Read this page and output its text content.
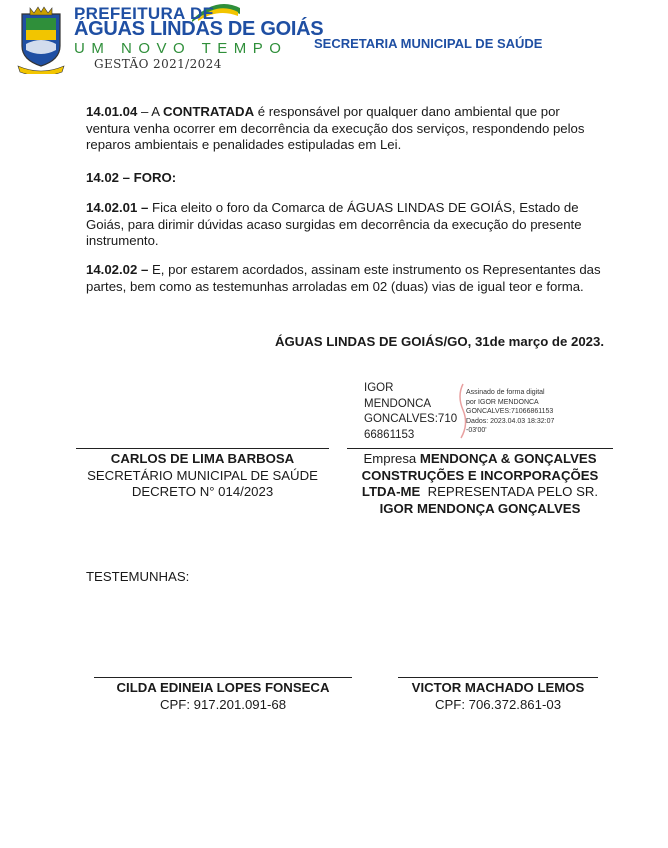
PREFEITURA DE
ÁGUAS LINDAS DE GOIÁS
UM NOVO TEMPO
GESTÃO 2021/2024
SECRETARIA MUNICIPAL DE SAÚDE
14.01.04 – A CONTRATADA é responsável por qualquer dano ambiental que por ventura venha ocorrer em decorrência da execução dos serviços, respondendo pelos reparos ambientais e penalidades estipuladas em Lei.
14.02 – FORO:
14.02.01 – Fica eleito o foro da Comarca de ÁGUAS LINDAS DE GOIÁS, Estado de Goiás, para dirimir dúvidas acaso surgidas em decorrência da execução do presente instrumento.
14.02.02 – E, por estarem acordados, assinam este instrumento os Representantes das partes, bem como as testemunhas arroladas em 02 (duas) vias de igual teor e forma.
ÁGUAS LINDAS DE GOIÁS/GO, 31de março de 2023.
IGOR
MENDONCA
GONCALVES:710
66861153
Assinado de forma digital
por IGOR MENDONCA
GONCALVES:71066861153
Dados: 2023.04.03 18:32:07
-03'00'
CARLOS DE LIMA BARBOSA
SECRETÁRIO MUNICIPAL DE SAÚDE
DECRETO N° 014/2023
Empresa MENDONÇA & GONÇALVES
CONSTRUÇÕES E INCORPORAÇÕES
LTDA-ME  REPRESENTADA PELO SR.
IGOR MENDONÇA GONÇALVES
TESTEMUNHAS:
CILDA EDINEIA LOPES FONSECA
CPF: 917.201.091-68
VICTOR MACHADO LEMOS
CPF: 706.372.861-03
